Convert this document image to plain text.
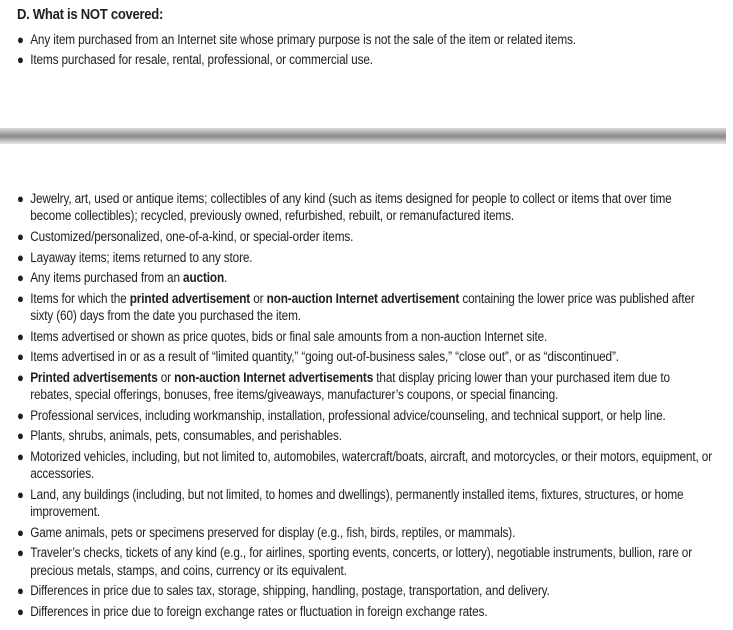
D. What is NOT covered:
● Any item purchased from an Internet site whose primary purpose is not the sale of the item or related items.
● Items purchased for resale, rental, professional, or commercial use.
● Jewelry, art, used or antique items; collectibles of any kind (such as items designed for people to collect or items that over time become collectibles); recycled, previously owned, refurbished, rebuilt, or remanufactured items.
● Customized/personalized, one-of-a-kind, or special-order items.
● Layaway items; items returned to any store.
● Any items purchased from an auction.
● Items for which the printed advertisement or non-auction Internet advertisement containing the lower price was published after sixty (60) days from the date you purchased the item.
● Items advertised or shown as price quotes, bids or final sale amounts from a non-auction Internet site.
● Items advertised in or as a result of “limited quantity,” “going out-of-business sales,” “close out”, or as “discontinued”.
● Printed advertisements or non-auction Internet advertisements that display pricing lower than your purchased item due to rebates, special offerings, bonuses, free items/giveaways, manufacturer’s coupons, or special financing.
● Professional services, including workmanship, installation, professional advice/counseling, and technical support, or help line.
● Plants, shrubs, animals, pets, consumables, and perishables.
● Motorized vehicles, including, but not limited to, automobiles, watercraft/boats, aircraft, and motorcycles, or their motors, equipment, or accessories.
● Land, any buildings (including, but not limited, to homes and dwellings), permanently installed items, fixtures, structures, or home improvement.
● Game animals, pets or specimens preserved for display (e.g., fish, birds, reptiles, or mammals).
● Traveler’s checks, tickets of any kind (e.g., for airlines, sporting events, concerts, or lottery), negotiable instruments, bullion, rare or precious metals, stamps, and coins, currency or its equivalent.
● Differences in price due to sales tax, storage, shipping, handling, postage, transportation, and delivery.
● Differences in price due to foreign exchange rates or fluctuation in foreign exchange rates.
